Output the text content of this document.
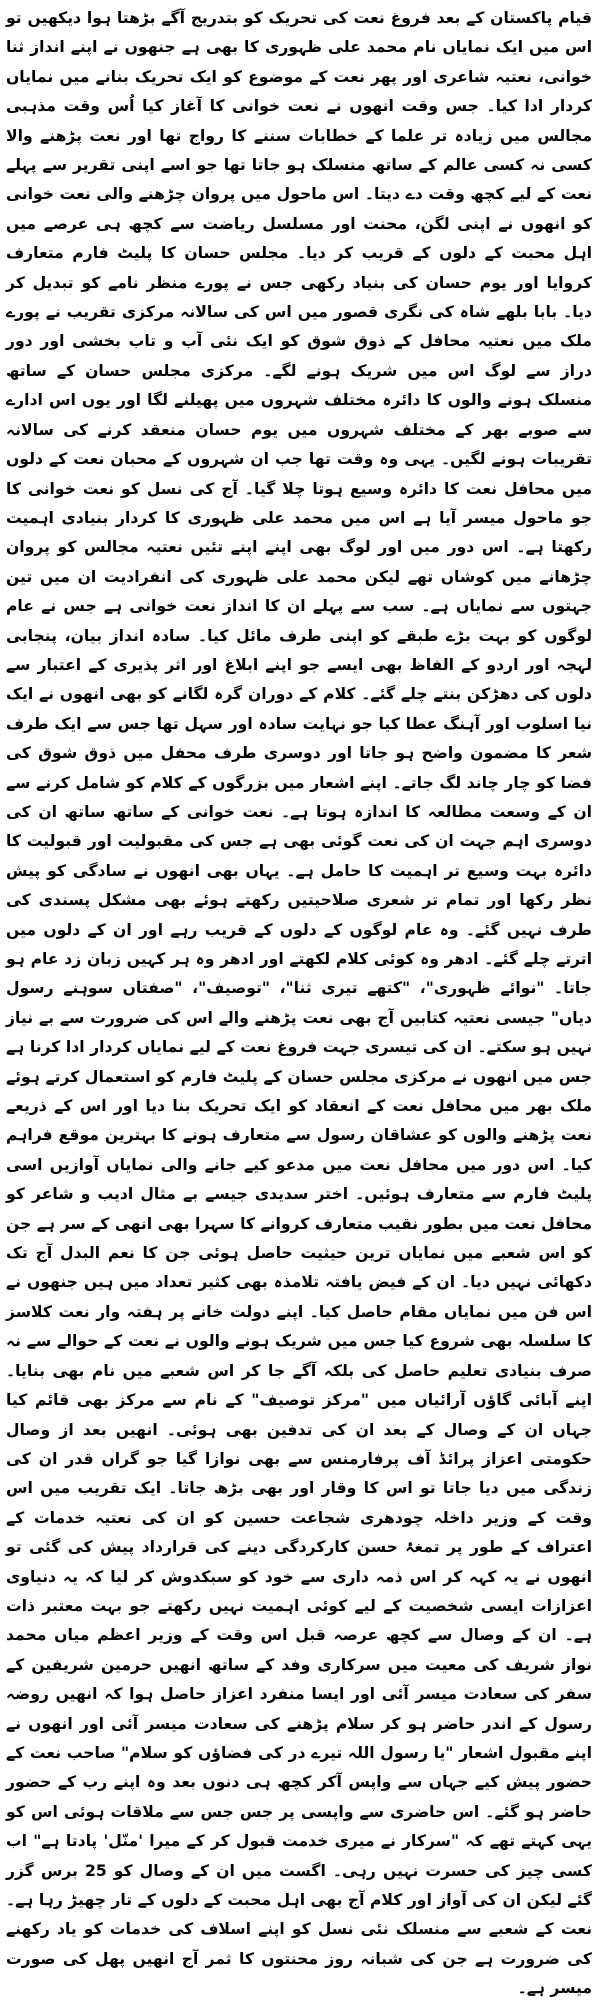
قیام پاکستان کے بعد فروغ نعت کی تحریک کو بتدریج آگے بڑھتا ہوا دیکھیں تو اس میں ایک نمایاں نام محمد علی ظہوری کا بھی ہے جنھوں نے اپنے انداز ثنا خوانی، نعتیہ شاعری اور پھر نعت کے موضوع کو ایک تحریک بنانے میں نمایاں کردار ادا کیا۔ جس وقت انھوں نے نعت خوانی کا آغاز کیا اُس وقت مذہبی مجالس میں زیادہ تر علما کے خطابات سننے کا رواج تھا اور نعت پڑھنے والا کسی نہ کسی عالم کے ساتھ منسلک ہو جاتا تھا جو اسے اپنی تقریر سے پہلے نعت کے لیے کچھ وقت دے دیتا۔ اس ماحول میں پروان چڑھنے والی نعت خوانی کو انھوں نے اپنی لگن، محنت اور مسلسل ریاضت سے کچھ ہی عرصے میں اہل محبت کے دلوں کے قریب کر دیا۔ مجلس حسان کا پلیٹ فارم متعارف کروایا اور یوم حسان کی بنیاد رکھی جس نے پورے منظر نامے کو تبدیل کر دیا۔ بابا بلھے شاہ کی نگری قصور میں اس کی سالانہ مرکزی تقریب نے پورے ملک میں نعتیہ محافل کے ذوق شوق کو ایک نئی آب و تاب بخشی اور دور دراز سے لوگ اس میں شریک ہونے لگے۔ مرکزی مجلس حسان کے ساتھ منسلک ہونے والوں کا دائرہ مختلف شہروں میں پھیلنے لگا اور یوں اس ادارے سے صوبے بھر کے مختلف شہروں میں یوم حسان منعقد کرنے کی سالانہ تقریبات ہونے لگیں۔ یہی وہ وقت تھا جب ان شہروں کے محبان نعت کے دلوں میں محافل نعت کا دائرہ وسیع ہوتا چلا گیا۔ آج کی نسل کو نعت خوانی کا جو ماحول میسر آیا ہے اس میں محمد علی ظہوری کا کردار بنیادی اہمیت رکھتا ہے۔ اس دور میں اور لوگ بھی اپنے اپنے تئیں نعتیہ مجالس کو پروان چڑھانے میں کوشاں تھے لیکن محمد علی ظہوری کی انفرادیت ان میں تین جہتوں سے نمایاں ہے۔ سب سے پہلے ان کا انداز نعت خوانی ہے جس نے عام لوگوں کو بہت بڑے طبقے کو اپنی طرف مائل کیا۔ سادہ انداز بیان، پنجابی لہجہ اور اردو کے الفاظ بھی ایسے جو اپنے ابلاغ اور اثر پذیری کے اعتبار سے دلوں کی دھڑکن بنتے چلے گئے۔ کلام کے دوران گرہ لگانے کو بھی انھوں نے ایک نیا اسلوب اور آہنگ عطا کیا جو نہایت سادہ اور سہل تھا جس سے ایک طرف شعر کا مضمون واضح ہو جاتا اور دوسری طرف محفل میں ذوق شوق کی فضا کو چار چاند لگ جاتے۔ اپنے اشعار میں بزرگوں کے کلام کو شامل کرنے سے ان کے وسعت مطالعہ کا اندازہ ہوتا ہے۔ نعت خوانی کے ساتھ ساتھ ان کی دوسری اہم جہت ان کی نعت گوئی بھی ہے جس کی مقبولیت اور قبولیت کا دائرہ بہت وسیع تر اہمیت کا حامل ہے۔ یہاں بھی انھوں نے سادگی کو پیش نظر رکھا اور تمام تر شعری صلاحیتیں رکھتے ہوئے بھی مشکل پسندی کی طرف نہیں گئے۔ وہ عام لوگوں کے دلوں کے قریب رہے اور ان کے دلوں میں اترتے چلے گئے۔ ادھر وہ کوئی کلام لکھتے اور ادھر وہ ہر کہیں زبان زد عام ہو جاتا۔ "نوائے ظہوری"، "کتھے تیری ثنا"، "توصیف"، "صفتاں سوہنے رسول دیاں" جیسی نعتیہ کتابیں آج بھی نعت پڑھنے والے اس کی ضرورت سے بے نیاز نہیں ہو سکتے۔ ان کی تیسری جہت فروغ نعت کے لیے نمایاں کردار ادا کرنا ہے جس میں انھوں نے مرکزی مجلس حسان کے پلیٹ فارم کو استعمال کرتے ہوئے ملک بھر میں محافل نعت کے انعقاد کو ایک تحریک بنا دیا اور اس کے ذریعے نعت پڑھنے والوں کو عشاقان رسول سے متعارف ہونے کا بہترین موقع فراہم کیا۔ اس دور میں محافل نعت میں مدعو کیے جانے والی نمایاں آوازیں اسی پلیٹ فارم سے متعارف ہوئیں۔ اختر سدیدی جیسے بے مثال ادیب و شاعر کو محافل نعت میں بطور نقیب متعارف کروانے کا سہرا بھی انھی کے سر ہے جن کو اس شعبے میں نمایاں ترین حیثیت حاصل ہوئی جن کا نعم البدل آج تک دکھائی نہیں دیا۔ ان کے فیض یافتہ تلامذہ بھی کثیر تعداد میں ہیں جنھوں نے اس فن میں نمایاں مقام حاصل کیا۔ اپنے دولت خانے پر ہفتہ وار نعت کلاسز کا سلسلہ بھی شروع کیا جس میں شریک ہونے والوں نے نعت کے حوالے سے نہ صرف بنیادی تعلیم حاصل کی بلکہ آگے جا کر اس شعبے میں نام بھی بنایا۔ اپنے آبائی گاؤں آرائیاں میں "مرکز توصیف" کے نام سے مرکز بھی قائم کیا جہاں ان کے وصال کے بعد ان کی تدفین بھی ہوئی۔ انھیں بعد از وصال حکومتی اعزاز پرائڈ آف پرفارمنس سے بھی نوازا گیا جو گراں قدر ان کی زندگی میں دیا جاتا تو اس کا وقار اور بھی بڑھ جاتا۔ ایک تقریب میں اس وقت کے وزیر داخلہ چودھری شجاعت حسین کو ان کی نعتیہ خدمات کے اعتراف کے طور پر تمغۂ حسن کارکردگی دینے کی قرارداد پیش کی گئی تو انھوں نے یہ کہہ کر اس ذمہ داری سے خود کو سبکدوش کر لیا کہ یہ دنیاوی اعزازات ایسی شخصیت کے لیے کوئی اہمیت نہیں رکھتے جو بہت معتبر ذات ہے۔ ان کے وصال سے کچھ عرصہ قبل اس وقت کے وزیر اعظم میاں محمد نواز شریف کی معیت میں سرکاری وفد کے ساتھ انھیں حرمین شریفین کے سفر کی سعادت میسر آئی اور ایسا منفرد اعزاز حاصل ہوا کہ انھیں روضہ رسول کے اندر حاضر ہو کر سلام پڑھنے کی سعادت میسر آئی اور انھوں نے اپنے مقبول اشعار "یا رسول اللہ تیرے در کی فضاؤں کو سلام" صاحب نعت کے حضور پیش کیے جہاں سے واپس آکر کچھ ہی دنوں بعد وہ اپنے رب کے حضور حاضر ہو گئے۔ اس حاضری سے واپسی پر جس جس سے ملاقات ہوئی اس کو یہی کہتے تھے کہ "سرکار نے میری خدمت قبول کر کے میرا 'منّل' پادتا ہے" اب کسی چیز کی حسرت نہیں رہی۔ اگست میں ان کے وصال کو 25 برس گزر گئے لیکن ان کی آواز اور کلام آج بھی اہل محبت کے دلوں کے تار چھیڑ رہا ہے۔ نعت کے شعبے سے منسلک نئی نسل کو اپنے اسلاف کی خدمات کو یاد رکھنے کی ضرورت ہے جن کی شبانہ روز محنتوں کا ثمر آج انھیں پھل کی صورت میسر ہے۔
